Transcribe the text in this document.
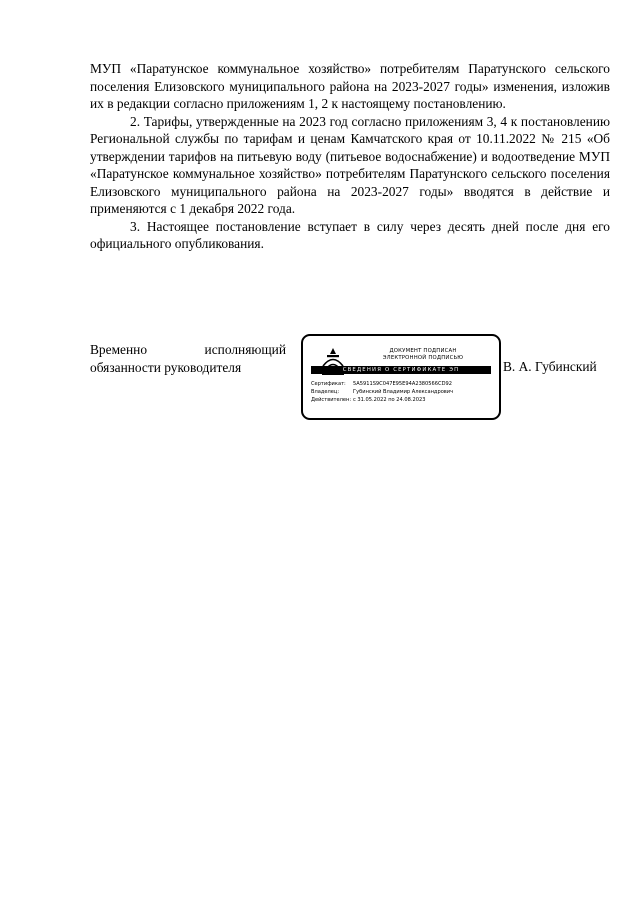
МУП «Паратунское коммунальное хозяйство» потребителям Паратунского сельского поселения Елизовского муниципального района на 2023-2027 годы» изменения, изложив их в редакции согласно приложениям 1, 2 к настоящему постановлению.

2. Тарифы, утвержденные на 2023 год согласно приложениям 3, 4 к постановлению Региональной службы по тарифам и ценам Камчатского края от 10.11.2022 № 215 «Об утверждении тарифов на питьевую воду (питьевое водоснабжение) и водоотведение МУП «Паратунское коммунальное хозяйство» потребителям Паратунского сельского поселения Елизовского муниципального района на 2023-2027 годы» вводятся в действие и применяются с 1 декабря 2022 года.

3. Настоящее постановление вступает в силу через десять дней после дня его официального опубликования.

Временно	исполняющий
обязанности руководителя
ДОКУМЕНТ ПОДПИСАН
ЭЛЕКТРОННОЙ ПОДПИСЬЮ
СВЕДЕНИЯ О СЕРТИФИКАТЕ ЭП
Сертификат:	5A5911S9C047E95E94A2380566CD92
Владелец:	Губинский Владимир Александрович
Действителен: с 31.05.2022 по 24.08.2023
В. А. Губинский
